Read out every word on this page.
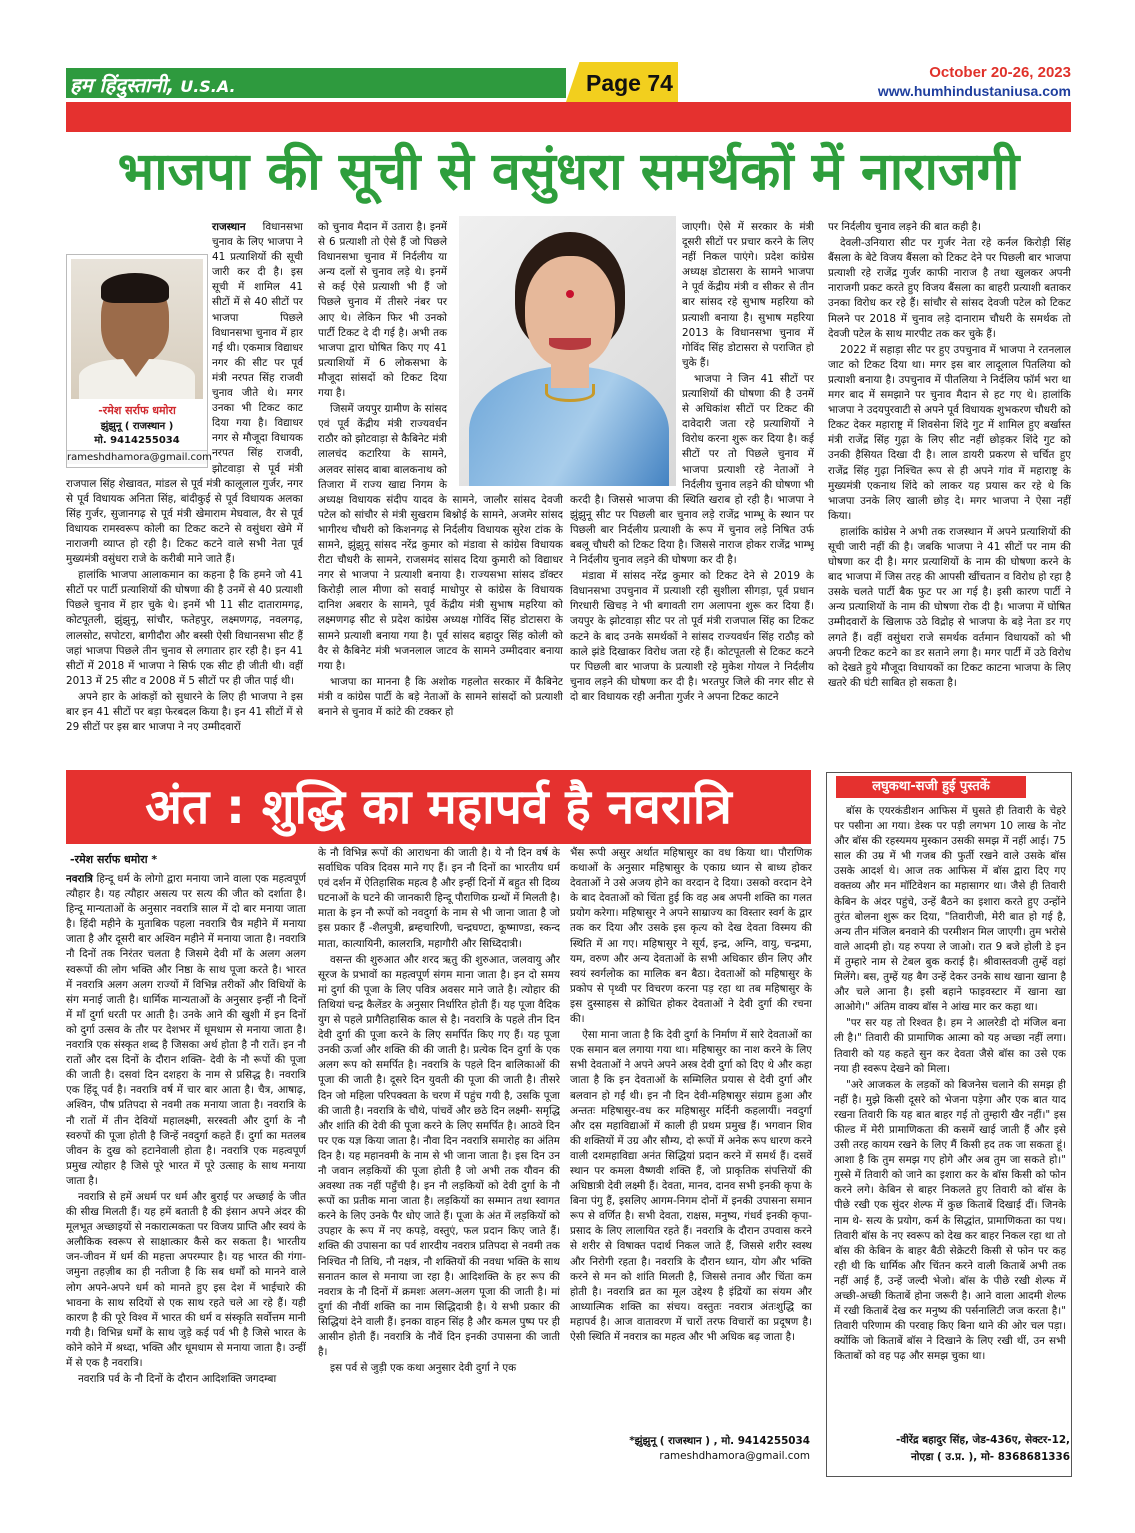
हम हिंदुस्तानी, U.S.A.	Page 74	October 20-26, 2023
www.humhindustaniusa.com
भाजपा की सूची से वसुंधरा समर्थकों में नाराजगी

राजस्थान विधानसभा चुनाव के लिए भाजपा ने 41 प्रत्याशियों की सूची जारी कर दी है। इस सूची में शामिल 41 सीटों में से 40 सीटों पर भाजपा पिछले विधानसभा चुनाव में हार गई थी। एकमात्र विद्याधर नगर की सीट पर पूर्व मंत्री नरपत सिंह राजवी चुनाव जीते थे। मगर उनका भी टिकट काट दिया गया है। विद्याधर नगर से मौजूदा विधायक नरपत सिंह राजवी, झोटवाड़ा से पूर्व मंत्री राजपाल सिंह शेखावत, मांडल से पूर्व मंत्री कालूलाल गुर्जर, नगर से पूर्व विधायक अनिता सिंह, बांदीकुई से पूर्व विधायक अलका सिंह गुर्जर, सुजानगढ़ से पूर्व मंत्री खेमाराम मेघवाल, वैर से पूर्व विधायक रामस्वरूप कोली का टिकट कटने से वसुंधरा खेमे में नाराजगी व्याप्त हो रही है। टिकट कटने वाले सभी नेता पूर्व मुख्यमंत्री वसुंधरा राजे के करीबी माने जाते हैं।

हालांकि भाजपा आलाकमान का कहना है कि हमने जो 41 सीटों पर पार्टी प्रत्याशियों की घोषणा की है उनमें से 40 प्रत्याशी पिछले चुनाव में हार चुके थे। इनमें भी 11 सीट दातारामगढ़, कोटपूतली, झुंझुनू, सांचौर, फतेहपुर, लक्ष्मणगढ़, नवलगढ़, लालसोट, सपोटरा, बागीदौरा और बस्सी ऐसी विधानसभा सीट हैं जहां भाजपा पिछले तीन चुनाव से लगातार हार रही है। इन 41 सीटों में 2018 में भाजपा ने सिर्फ एक सीट ही जीती थी। वहीं 2013 में 25 सीट व 2008 में 5 सीटों पर ही जीत पाई थी।

अपने हार के आंकड़ों को सुधारने के लिए ही भाजपा ने इस बार इन 41 सीटों पर बड़ा फेरबदल किया है। इन 41 सीटों में से 29 सीटों पर इस बार भाजपा ने नए उम्मीदवारों

-रमेश सर्राफ धमोरा
झुंझुनू ( राजस्थान )
मो. 9414255034
rameshdhamora@gmail.com

को चुनाव मैदान में उतारा है। इनमें से 6 प्रत्याशी तो ऐसे हैं जो पिछले विधानसभा चुनाव में निर्दलीय या अन्य दलों से चुनाव लड़े थे। इनमें से कई ऐसे प्रत्याशी भी हैं जो पिछले चुनाव में तीसरे नंबर पर आए थे। लेकिन फिर भी उनको पार्टी टिकट दे दी गई है। अभी तक भाजपा द्वारा घोषित किए गए 41 प्रत्याशियों में 6 लोकसभा के मौजूदा सांसदों को टिकट दिया गया है।

जिसमें जयपुर ग्रामीण के सांसद एवं पूर्व केंद्रीय मंत्री राज्यवर्धन राठौर को झोटवाड़ा से कैबिनेट मंत्री लालचंद कटारिया के सामने, अलवर सांसद बाबा बालकनाथ को तिजारा में राज्य खाद्य निगम के अध्यक्ष विधायक संदीप यादव के सामने, जालौर सांसद देवजी पटेल को सांचौर से मंत्री सुखराम बिश्नोई के सामने, अजमेर सांसद भागीरथ चौधरी को किशनगढ़ से निर्दलीय विधायक सुरेश टांक के सामने, झुंझुनू सांसद नरेंद्र कुमार को मंडावा से कांग्रेस विधायक रीटा चौधरी के सामने, राजसमंद सांसद दिया कुमारी को विद्याधर नगर से भाजपा ने प्रत्याशी बनाया है। राज्यसभा सांसद डॉक्टर किरोड़ी लाल मीणा को सवाई माधोपुर से कांग्रेस के विधायक दानिश अबरार के सामने, पूर्व केंद्रीय मंत्री सुभाष महरिया को लक्ष्मणगढ़ सीट से प्रदेश कांग्रेस अध्यक्ष गोविंद सिंह डोटासरा के सामने प्रत्याशी बनाया गया है। पूर्व सांसद बहादुर सिंह कोली को वैर से कैबिनेट मंत्री भजनलाल जाटव के सामने उम्मीदवार बनाया गया है।

भाजपा का मानना है कि अशोक गहलोत सरकार में कैबिनेट मंत्री व कांग्रेस पार्टी के बड़े नेताओं के सामने सांसदों को प्रत्याशी बनाने से चुनाव में कांटे की टक्कर हो

जाएगी। ऐसे में सरकार के मंत्री दूसरी सीटों पर प्रचार करने के लिए नहीं निकल पाएंगे। प्रदेश कांग्रेस अध्यक्ष डोटासरा के सामने भाजपा ने पूर्व केंद्रीय मंत्री व सीकर से तीन बार सांसद रहे सुभाष महरिया को प्रत्याशी बनाया है। सुभाष महरिया 2013 के विधानसभा चुनाव में गोविंद सिंह डोटासरा से पराजित हो चुके हैं।

भाजपा ने जिन 41 सीटों पर प्रत्याशियों की घोषणा की है उनमें से अधिकांश सीटों पर टिकट की दावेदारी जता रहे प्रत्याशियों ने विरोध करना शुरू कर दिया है। कई सीटों पर तो पिछले चुनाव में भाजपा प्रत्याशी रहे नेताओं ने निर्दलीय चुनाव लड़ने की घोषणा भी करदी है। जिससे भाजपा की स्थिति खराब हो रही है। भाजपा ने झुंझुनू सीट पर पिछली बार चुनाव लड़े राजेंद्र भाम्भू के स्थान पर पिछली बार निर्दलीय प्रत्याशी के रूप में चुनाव लड़े निषित उर्फ बबलू चौधरी को टिकट दिया है। जिससे नाराज होकर राजेंद्र भाम्भू ने निर्दलीय चुनाव लड़ने की घोषणा कर दी है।

मंडावा में सांसद नरेंद्र कुमार को टिकट देने से 2019 के विधानसभा उपचुनाव में प्रत्याशी रही सुशीला सीगड़ा, पूर्व प्रधान गिरधारी खिचड़ ने भी बगावती राग अलापना शुरू कर दिया हैं। जयपुर के झोटवाड़ा सीट पर तो पूर्व मंत्री राजपाल सिंह का टिकट कटने के बाद उनके समर्थकों ने सांसद राज्यवर्धन सिंह राठौड़ को काले झंडे दिखाकर विरोध जता रहे हैं। कोटपूतली से टिकट कटने पर पिछली बार भाजपा के प्रत्याशी रहे मुकेश गोयल ने निर्दलीय चुनाव लड़ने की घोषणा कर दी है। भरतपुर जिले की नगर सीट से दो बार विधायक रही अनीता गुर्जर ने अपना टिकट काटने

पर निर्दलीय चुनाव लड़ने की बात कही है।

देवली-उनियारा सीट पर गुर्जर नेता रहे कर्नल किरोड़ी सिंह बैंसला के बेटे विजय बैंसला को टिकट देने पर पिछली बार भाजपा प्रत्याशी रहे राजेंद्र गुर्जर काफी नाराज है तथा खुलकर अपनी नाराजगी प्रकट करते हुए विजय बैंसला का बाहरी प्रत्याशी बताकर उनका विरोध कर रहे हैं। सांचौर से सांसद देवजी पटेल को टिकट मिलने पर 2018 में चुनाव लड़े दानाराम चौधरी के समर्थक तो देवजी पटेल के साथ मारपीट तक कर चुके हैं।

2022 में सहाड़ा सीट पर हुए उपचुनाव में भाजपा ने रतनलाल जाट को टिकट दिया था। मगर इस बार लादूलाल पितलिया को प्रत्याशी बनाया है। उपचुनाव में पीतलिया ने निर्दलिय फॉर्म भरा था मगर बाद में समझाने पर चुनाव मैदान से हट गए थे। हालांकि भाजपा ने उदयपुरवाटी से अपने पूर्व विधायक शुभकरण चौधरी को टिकट देकर महाराष्ट्र में शिवसेना शिंदे गुट में शामिल हुए बर्खास्त मंत्री राजेंद्र सिंह गुढ़ा के लिए सीट नहीं छोड़कर शिंदे गुट को उनकी हैसियत दिखा दी है। लाल डायरी प्रकरण से चर्चित हुए राजेंद्र सिंह गुढ़ा निश्चित रूप से ही अपने गांव में महाराष्ट्र के मुख्यमंत्री एकनाथ शिंदे को लाकर यह प्रयास कर रहे थे कि भाजपा उनके लिए खाली छोड़ दे। मगर भाजपा ने ऐसा नहीं किया।

हालांकि कांग्रेस ने अभी तक राजस्थान में अपने प्रत्याशियों की सूची जारी नहीं की है। जबकि भाजपा ने 41 सीटों पर नाम की घोषणा कर दी है। मगर प्रत्याशियों के नाम की घोषणा करने के बाद भाजपा में जिस तरह की आपसी खींचतान व विरोध हो रहा है उसके चलते पार्टी बैक फुट पर आ गई है। इसी कारण पार्टी ने अन्य प्रत्याशियों के नाम की घोषणा रोक दी है। भाजपा में घोषित उम्मीदवारों के खिलाफ उठे विद्रोह से भाजपा के बड़े नेता डर गए लगते हैं। वहीं वसुंधरा राजे समर्थक वर्तमान विधायकों को भी अपनी टिकट कटने का डर सताने लगा है। मगर पार्टी में उठे विरोध को देखते हुये मौजूदा विधायकों का टिकट काटना भाजपा के लिए खतरे की घंटी साबित हो सकता है।

अंत : शुद्धि का महापर्व है नवरात्रि
-रमेश सर्राफ धमोरा *

नवरात्रि हिन्दू धर्म के लोगो द्वारा मनाया जाने वाला एक महत्वपूर्ण त्यौहार है। यह त्यौहार असत्य पर सत्य की जीत को दर्शाता है। हिन्दू मान्यताओं के अनुसार नवरात्रि साल में दो बार मनाया जाता है। हिंदी महीने के मुताबिक पहला नवरात्रि चैत्र महीने में मनाया जाता है और दूसरी बार अश्विन महीने में मनाया जाता है। नवरात्रि नौ दिनों तक निरंतर चलता है जिसमे देवी माँ के अलग अलग स्वरूपों की लोग भक्ति और निष्ठा के साथ पूजा करते है। भारत में नवरात्रि अलग अलग राज्यों में विभिन्न तरीकों और विधियों के संग मनाई जाती है। धार्मिक मान्यताओं के अनुसार इन्हीं नौ दिनों में माँ दुर्गा धरती पर आती है। उनके आने की खुशी में इन दिनों को दुर्गा उत्सव के तौर पर देशभर में धूमधाम से मनाया जाता है। नवरात्रि एक संस्कृत शब्द है जिसका अर्थ होता है नौ रातें। इन नौ रातों और दस दिनों के दौरान शक्ति- देवी के नौ रूपों की पूजा की जाती है। दसवां दिन दशहरा के नाम से प्रसिद्ध है। नवरात्रि एक हिंदू पर्व है। नवरात्रि वर्ष में चार बार आता है। चैत्र, आषाढ़, अश्विन, पौष प्रतिपदा से नवमी तक मनाया जाता है। नवरात्रि के नौ रातों में तीन देवियों महालक्ष्मी, सरस्वती और दुर्गा के नौ स्वरुपों की पूजा होती है जिन्हें नवदुर्गा कहते हैं। दुर्गा का मतलब जीवन के दुख को हटानेवाली होता है। नवरात्रि एक महत्वपूर्ण प्रमुख त्योहार है जिसे पूरे भारत में पूरे उत्साह के साथ मनाया जाता है।

नवरात्रि से हमें अधर्म पर धर्म और बुराई पर अच्छाई के जीत की सीख मिलती हैं। यह हमें बताती है की इंसान अपने अंदर की मूलभूत अच्छाइयों से नकारात्मकता पर विजय प्राप्ति और स्वयं के अलौकिक स्वरूप से साक्षात्कार कैसे कर सकता है। भारतीय जन-जीवन में धर्म की महत्ता अपरम्पार है। यह भारत की गंगा-जमुना तहज़ीब का ही नतीजा है कि सब धर्मों को मानने वाले लोग अपने-अपने धर्म को मानते हुए इस देश में भाईचारे की भावना के साथ सदियों से एक साथ रहते चले आ रहे हैं। यही कारण है की पूरे विश्व में भारत की धर्म व संस्कृति सर्वोत्तम मानी गयी है। विभिन्न धर्मों के साथ जुड़े कई पर्व भी है जिसे भारत के कोने कोने में श्रध्दा, भक्ति और धूमधाम से मनाया जाता है। उन्हीं में से एक है नवरात्रि।

नवरात्रि पर्व के नौ दिनों के दौरान आदिशक्ति जगदम्बा

के नौ विभिन्न रूपों की आराधना की जाती है। ये नौ दिन वर्ष के सर्वाधिक पवित्र दिवस माने गए हैं। इन नौ दिनों का भारतीय धर्म एवं दर्शन में ऐतिहासिक महत्व है और इन्हीं दिनों में बहुत सी दिव्य घटनाओं के घटने की जानकारी हिन्दू पौराणिक ग्रन्थों में मिलती है। माता के इन नौ रूपों को नवदुर्गा के नाम से भी जाना जाता है जो इस प्रकार हैं -शैलपुत्री, ब्रम्हचारिणी, चन्द्रघण्टा, कूष्माण्डा, स्कन्द माता, कात्यायिनी, कालरात्रि, महागौरी और सिध्दिदात्री।

वसन्त की शुरुआत और शरद ऋतु की शुरुआत, जलवायु और सूरज के प्रभावों का महत्वपूर्ण संगम माना जाता है। इन दो समय मां दुर्गा की पूजा के लिए पवित्र अवसर माने जाते है। त्योहार की तिथियां चन्द्र कैलेंडर के अनुसार निर्धारित होती हैं। यह पूजा वैदिक युग से पहले प्रागैतिहासिक काल से है। नवरात्रि के पहले तीन दिन देवी दुर्गा की पूजा करने के लिए समर्पित किए गए हैं। यह पूजा उनकी ऊर्जा और शक्ति की की जाती है। प्रत्येक दिन दुर्गा के एक अलग रूप को समर्पित है। नवरात्रि के पहले दिन बालिकाओं की पूजा की जाती है। दूसरे दिन युवती की पूजा की जाती है। तीसरे दिन जो महिला परिपक्वता के चरण में पहुंच गयी है, उसकि पूजा की जाती है। नवरात्रि के चौथे, पांचवें और छठे दिन लक्ष्मी- समृद्धि और शांति की देवी की पूजा करने के लिए समर्पित है। आठवे दिन पर एक यज्ञ किया जाता है। नौवा दिन नवरात्रि समारोह का अंतिम दिन है। यह महानवमी के नाम से भी जाना जाता है। इस दिन उन नौ जवान लड़कियों की पूजा होती है जो अभी तक यौवन की अवस्था तक नहीं पहुँची है। इन नौ लड़कियों को देवी दुर्गा के नौ रूपों का प्रतीक माना जाता है। लड़कियों का सम्मान तथा स्वागत करने के लिए उनके पैर धोए जाते हैं। पूजा के अंत में लड़कियों को उपहार के रूप में नए कपड़े, वस्तुएं, फल प्रदान किए जाते हैं। शक्ति की उपासना का पर्व शारदीय नवरात्र प्रतिपदा से नवमी तक निश्चित नौ तिथि, नौ नक्षत्र, नौ शक्तियों की नवधा भक्ति के साथ सनातन काल से मनाया जा रहा है। आदिशक्ति के हर रूप की नवरात्र के नौ दिनों में क्रमशः अलग-अलग पूजा की जाती है। मां दुर्गा की नौवीं शक्ति का नाम सिद्धिदात्री है। ये सभी प्रकार की सिद्धियां देने वाली हैं। इनका वाहन सिंह है और कमल पुष्प पर ही आसीन होती हैं। नवरात्रि के नौवें दिन इनकी उपासना की जाती है।

इस पर्व से जुड़ी एक कथा अनुसार देवी दुर्गा ने एक

भैंस रूपी असुर अर्थात महिषासुर का वध किया था। पौराणिक कथाओं के अनुसार महिषासुर के एकाग्र ध्यान से बाध्य होकर देवताओं ने उसे अजय होने का वरदान दे दिया। उसको वरदान देने के बाद देवताओं को चिंता हुई कि वह अब अपनी शक्ति का गलत प्रयोग करेगा। महिषासुर ने अपने साम्राज्य का विस्तार स्वर्ग के द्वार तक कर दिया और उसके इस कृत्य को देख देवता विस्मय की स्थिति में आ गए। महिषासुर ने सूर्य, इन्द्र, अग्नि, वायु, चन्द्रमा, यम, वरुण और अन्य देवताओं के सभी अधिकार छीन लिए और स्वयं स्वर्गलोक का मालिक बन बैठा। देवताओं को महिषासुर के प्रकोप से पृथ्वी पर विचरण करना पड़ रहा था तब महिषासुर के इस दुस्साहस से क्रोधित होकर देवताओं ने देवी दुर्गा की रचना की।

ऐसा माना जाता है कि देवी दुर्गा के निर्माण में सारे देवताओं का एक समान बल लगाया गया था। महिषासुर का नाश करने के लिए सभी देवताओं ने अपने अपने अस्त्र देवी दुर्गा को दिए थे और कहा जाता है कि इन देवताओं के सम्मिलित प्रयास से देवी दुर्गा और बलवान हो गईं थी। इन नौ दिन देवी-महिषासुर संग्राम हुआ और अन्ततः महिषासुर-वध कर महिषासुर मर्दिनी कहलायीं। नवदुर्गा और दस महाविद्याओं में काली ही प्रथम प्रमुख हैं। भगवान शिव की शक्तियों में उग्र और सौम्य, दो रूपों में अनेक रूप धारण करने वाली दशमहाविद्या अनंत सिद्धियां प्रदान करने में समर्थ हैं। दसवें स्थान पर कमला वैष्णवी शक्ति हैं, जो प्राकृतिक संपत्तियों की अधिष्ठात्री देवी लक्ष्मी हैं। देवता, मानव, दानव सभी इनकी कृपा के बिना पंगु हैं, इसलिए आगम-निगम दोनों में इनकी उपासना समान रूप से वर्णित है। सभी देवता, राक्षस, मनुष्य, गंधर्व इनकी कृपा-प्रसाद के लिए लालायित रहते हैं। नवरात्रि के दौरान उपवास करने से शरीर से विषाक्त पदार्थ निकल जाते हैं, जिससे शरीर स्वस्थ और निरोगी रहता है। नवरात्रि के दौरान ध्यान, योग और भक्ति करने से मन को शांति मिलती है, जिससे तनाव और चिंता कम होती है। नवरात्रि व्रत का मूल उद्देश्य है इंद्रियों का संयम और आध्यात्मिक शक्ति का संचय। वस्तुतः नवरात्र अंतःशुद्धि का महापर्व है। आज वातावरण में चारों तरफ विचारों का प्रदूषण है। ऐसी स्थिति में नवरात्र का महत्व और भी अधिक बढ़ जाता है।

*झुंझुनू ( राजस्थान ) , मो. 9414255034
rameshdhamora@gmail.com
लघुकथा-सजी हुई पुस्तकें

बॉस के एयरकंडीशन आफिस में घुसते ही तिवारी के चेहरे पर पसीना आ गया। डेस्क पर पड़ी लगभग 10 लाख के नोट और बॉस की रहस्यमय मुस्कान उसकी समझ में नहीं आई। 75 साल की उम्र में भी गजब की फुर्ती रखने वाले उसके बॉस उसके आदर्श थे। आज तक आफिस में बॉस द्वारा दिए गए वक्तव्य और मन मॉटिवेशन का महासागर था। जैसे ही तिवारी केबिन के अंदर पहुंचे, उन्हें बैठने का इशारा करते हुए उन्होंने तुरंत बोलना शुरू कर दिया, "तिवारीजी, मेरी बात हो गई है, अन्य तीन मंजिल बनवाने की परमीशन मिल जाएगी। तुम भरोसे वाले आदमी हो। यह रुपया ले जाओ। रात 9 बजे होली डे इन में तुम्हारे नाम से टेबल बुक कराई है। श्रीवास्तवजी तुम्हें वहां मिलेंगे। बस, तुम्हें यह बैग उन्हें देकर उनके साथ खाना खाना है और चले आना है। इसी बहाने फाइवस्टार में खाना खा आओगे।" अंतिम वाक्य बॉस ने आंख मार कर कहा था।

"पर सर यह तो रिश्वत है। हम ने आलरेडी दो मंजिल बना ली है।" तिवारी की प्रामाणिक आत्मा को यह अच्छा नहीं लगा। तिवारी को यह कहते सुन कर देवता जैसे बॉस का उसे एक नया ही स्वरूप देखने को मिला।

"अरे आजकल के लड़कों को बिजनेस चलाने की समझ ही नहीं है। मुझे किसी दूसरे को भेजना पड़ेगा और एक बात याद रखना तिवारी कि यह बात बाहर गई तो तुम्हारी खैर नहीं।" इस फील्ड में मेरी प्रामाणिकता की कसमें खाई जाती हैं और इसे उसी तरह कायम रखने के लिए मैं किसी हद तक जा सकता हूं। आशा है कि तुम समझ गए होगे और अब तुम जा सकते हो।" गुस्से में तिवारी को जाने का इशारा कर के बॉस किसी को फोन करने लगे। केबिन से बाहर निकलते हुए तिवारी को बॉस के पीछे रखी एक सुंदर शेल्फ में कुछ किताबें दिखाई दीं। जिनके नाम थे- सत्य के प्रयोग, कर्म के सिद्धांत, प्रामाणिकता का पथ। तिवारी बॉस के नए स्वरूप को देख कर बाहर निकल रहा था तो बॉस की केबिन के बाहर बैठी सेक्रेटरी किसी से फोन पर कह रही थी कि धार्मिक और चिंतन करने वाली किताबें अभी तक नहीं आई हैं, उन्हें जल्दी भेजो। बॉस के पीछे रखी शेल्फ में अच्छी-अच्छी किताबें होना जरूरी है। आने वाला आदमी शेल्फ में रखी किताबें देख कर मनुष्य की पर्सनालिटी जज करता है।" तिवारी परिणाम की परवाह किए बिना थाने की ओर चल पड़ा। क्योंकि जो किताबें बॉस ने दिखाने के लिए रखी थीं, उन सभी किताबों को वह पढ़ और समझ चुका था।

-वीरेंद्र बहादुर सिंह, जेड-436ए, सेक्टर-12,
नोएडा ( उ.प्र. ), मो- 8368681336
